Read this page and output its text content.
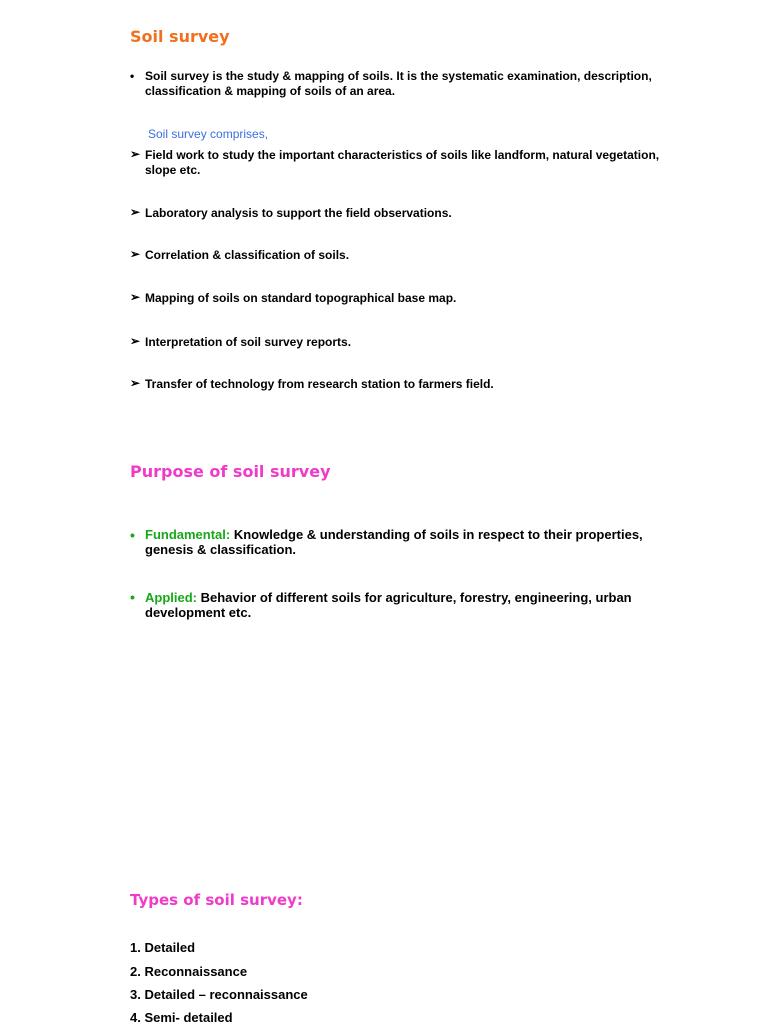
Soil survey
• Soil survey is the study & mapping of soils. It is the systematic examination, description,
classification & mapping of soils of an area.
Soil survey comprises,
➢ Field work to study the important characteristics of soils like landform, natural vegetation,
slope etc.
➢ Laboratory analysis to support the field observations.
➢ Correlation & classification of soils.
➢ Mapping of soils on standard topographical base map.
➢ Interpretation of soil survey reports.
➢ Transfer of technology from research station to farmers field.
Purpose of soil survey
• Fundamental: Knowledge & understanding of soils in respect to their properties,
genesis & classification.
• Applied: Behavior of different soils for agriculture, forestry, engineering, urban
development etc.
Types of soil survey:
1. Detailed
2. Reconnaissance
3. Detailed – reconnaissance
4. Semi- detailed
